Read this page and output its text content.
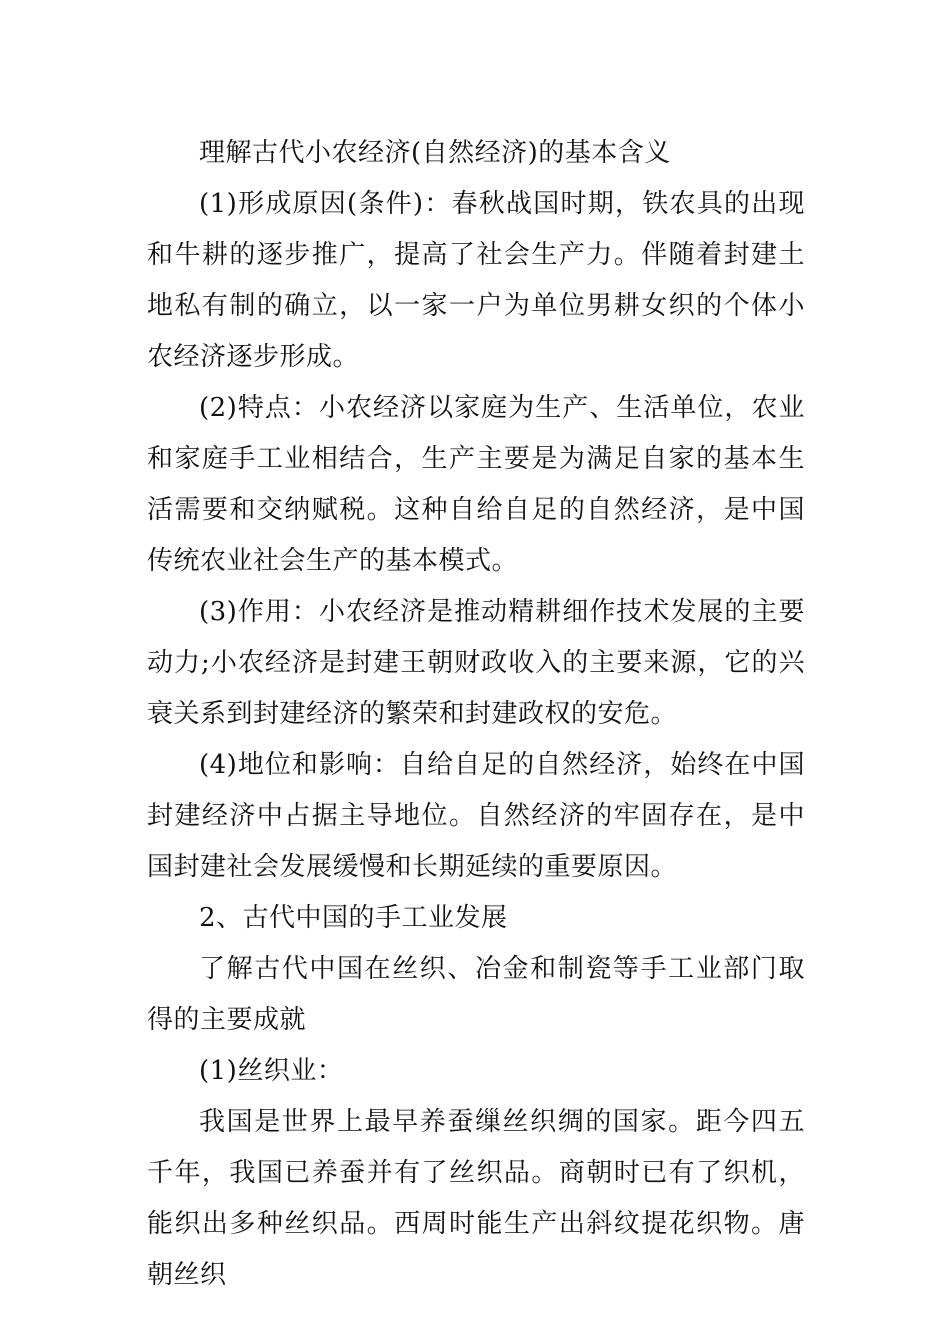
理解古代小农经济(自然经济)的基本含义

(1)形成原因(条件)：春秋战国时期，铁农具的出现和牛耕的逐步推广，提高了社会生产力。伴随着封建土地私有制的确立，以一家一户为单位男耕女织的个体小农经济逐步形成。

(2)特点：小农经济以家庭为生产、生活单位，农业和家庭手工业相结合，生产主要是为满足自家的基本生活需要和交纳赋税。这种自给自足的自然经济，是中国传统农业社会生产的基本模式。

(3)作用：小农经济是推动精耕细作技术发展的主要动力;小农经济是封建王朝财政收入的主要来源，它的兴衰关系到封建经济的繁荣和封建政权的安危。

(4)地位和影响：自给自足的自然经济，始终在中国封建经济中占据主导地位。自然经济的牢固存在，是中国封建社会发展缓慢和长期延续的重要原因。

2、古代中国的手工业发展

了解古代中国在丝织、冶金和制瓷等手工业部门取得的主要成就

(1)丝织业：

我国是世界上最早养蚕缫丝织绸的国家。距今四五千年，我国已养蚕并有了丝织品。商朝时已有了织机，能织出多种丝织品。西周时能生产出斜纹提花织物。唐朝丝织
